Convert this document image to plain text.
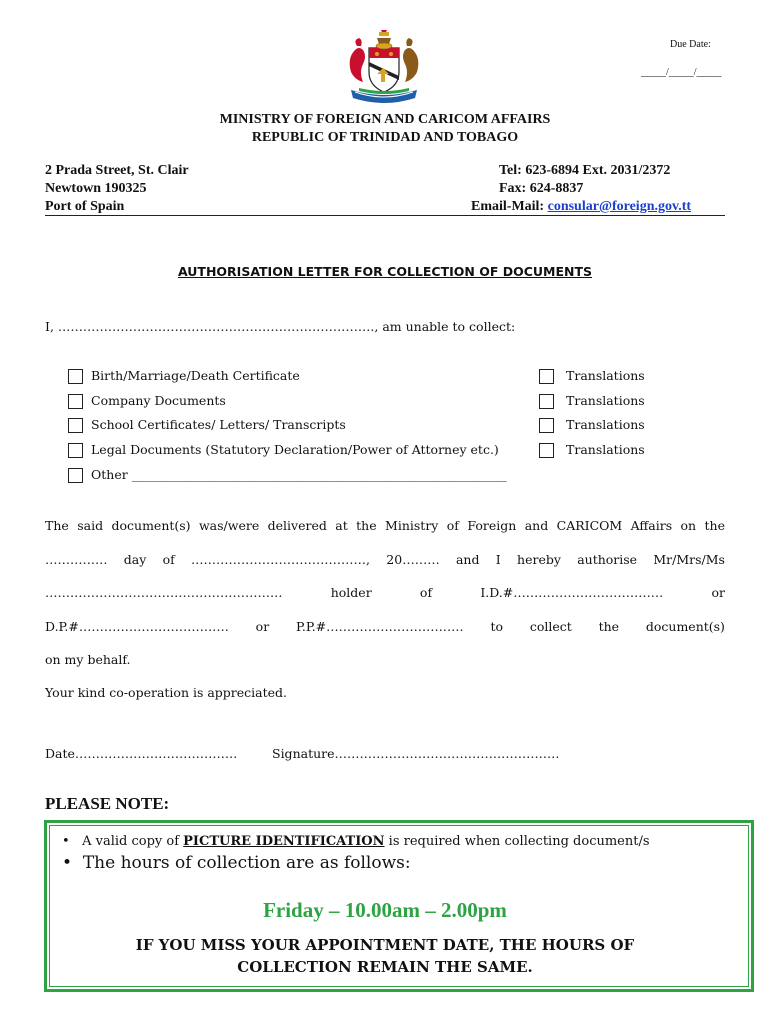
Due Date:
_____/_____/_____
MINISTRY OF FOREIGN AND CARICOM AFFAIRS
REPUBLIC OF TRINIDAD AND TOBAGO
2 Prada Street, St. Clair
Newtown 190325
Port of Spain
Tel: 623-6894 Ext. 2031/2372
Fax: 624-8837
Email-Mail: consular@foreign.gov.tt
AUTHORISATION LETTER FOR COLLECTION OF DOCUMENTS
I, …………………………………………………………………., am unable to collect:
Birth/Marriage/Death Certificate	Translations
Company Documents	Translations
School Certificates/ Letters/ Transcripts	Translations
Legal Documents (Statutory Declaration/Power of Attorney etc.)	Translations
Other ____________________________________________________________
The said document(s) was/were delivered at the Ministry of Foreign and CARICOM Affairs on the
…………… day of ……………………………………, 20……… and I hereby authorise Mr/Mrs/Ms
…………………………………………………	holder	of	I.D.#………………………………	or
D.P.#……………………………… or P.P.#…………………………… to collect the document(s)
on my behalf.
Your kind co-operation is appreciated.
Date…………………………………	Signature………………………………………………
PLEASE NOTE:
•   A valid copy of PICTURE IDENTIFICATION is required when collecting document/s
•  The hours of collection are as follows:
Friday – 10.00am – 2.00pm
IF YOU MISS YOUR APPOINTMENT DATE, THE HOURS OF
COLLECTION REMAIN THE SAME.
